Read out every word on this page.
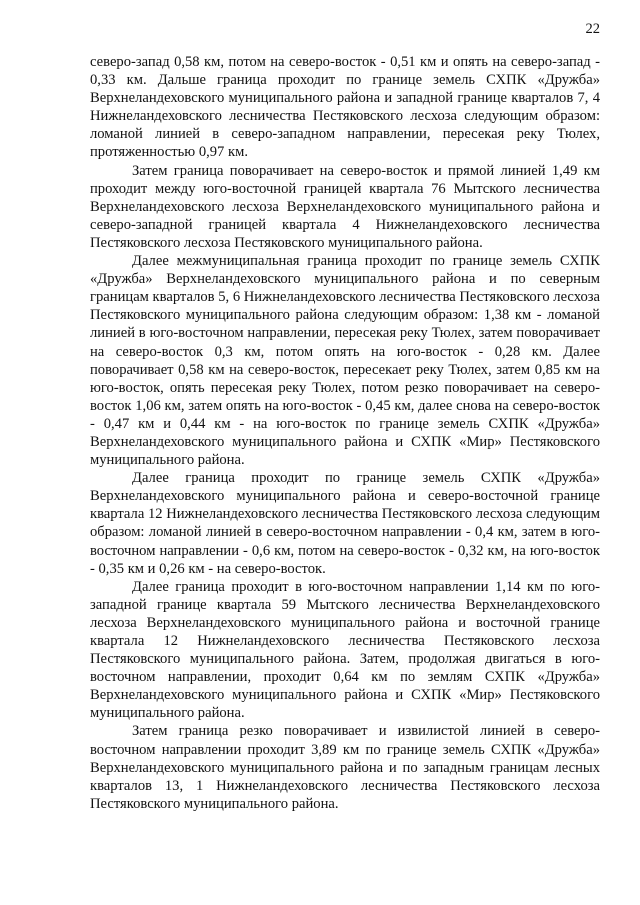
22

северо-запад 0,58 км, потом на северо-восток - 0,51 км и опять на северо-запад - 0,33 км. Дальше граница проходит по границе земель СХПК «Дружба» Верхнеландеховского муниципального района и западной границе кварталов 7, 4 Нижнеландеховского лесничества Пестяковского лесхоза следующим образом: ломаной линией в северо-западном направлении, пересекая реку Тюлех, протяженностью 0,97 км.

Затем граница поворачивает на северо-восток и прямой линией 1,49 км проходит между юго-восточной границей квартала 76 Мытского лесничества Верхнеландеховского лесхоза Верхнеландеховского муниципального района и северо-западной границей квартала 4 Нижнеландеховского лесничества Пестяковского лесхоза Пестяковского муниципального района.

Далее межмуниципальная граница проходит по границе земель СХПК «Дружба» Верхнеландеховского муниципального района и по северным границам кварталов 5, 6 Нижнеландеховского лесничества Пестяковского лесхоза Пестяковского муниципального района следующим образом: 1,38 км - ломаной линией в юго-восточном направлении, пересекая реку Тюлех, затем поворачивает на северо-восток 0,3 км, потом опять на юго-восток - 0,28 км. Далее поворачивает 0,58 км на северо-восток, пересекает реку Тюлех, затем 0,85 км на юго-восток, опять пересекая реку Тюлех, потом резко поворачивает на северо-восток 1,06 км, затем опять на юго-восток - 0,45 км, далее снова на северо-восток - 0,47 км и 0,44 км - на юго-восток по границе земель СХПК «Дружба» Верхнеландеховского муниципального района и СХПК «Мир» Пестяковского муниципального района.

Далее граница проходит по границе земель СХПК «Дружба» Верхнеландеховского муниципального района и северо-восточной границе квартала 12 Нижнеландеховского лесничества Пестяковского лесхоза следующим образом: ломаной линией в северо-восточном направлении - 0,4 км, затем в юго-восточном направлении - 0,6 км, потом на северо-восток - 0,32 км, на юго-восток - 0,35 км и 0,26 км - на северо-восток.

Далее граница проходит в юго-восточном направлении 1,14 км по юго-западной границе квартала 59 Мытского лесничества Верхнеландеховского лесхоза Верхнеландеховского муниципального района и восточной границе квартала 12 Нижнеландеховского лесничества Пестяковского лесхоза Пестяковского муниципального района. Затем, продолжая двигаться в юго-восточном направлении, проходит 0,64 км по землям СХПК «Дружба» Верхнеландеховского муниципального района и СХПК «Мир» Пестяковского муниципального района.

Затем граница резко поворачивает и извилистой линией в северо-восточном направлении проходит 3,89 км по границе земель СХПК «Дружба» Верхнеландеховского муниципального района и по западным границам лесных кварталов 13, 1 Нижнеландеховского лесничества Пестяковского лесхоза Пестяковского муниципального района.
